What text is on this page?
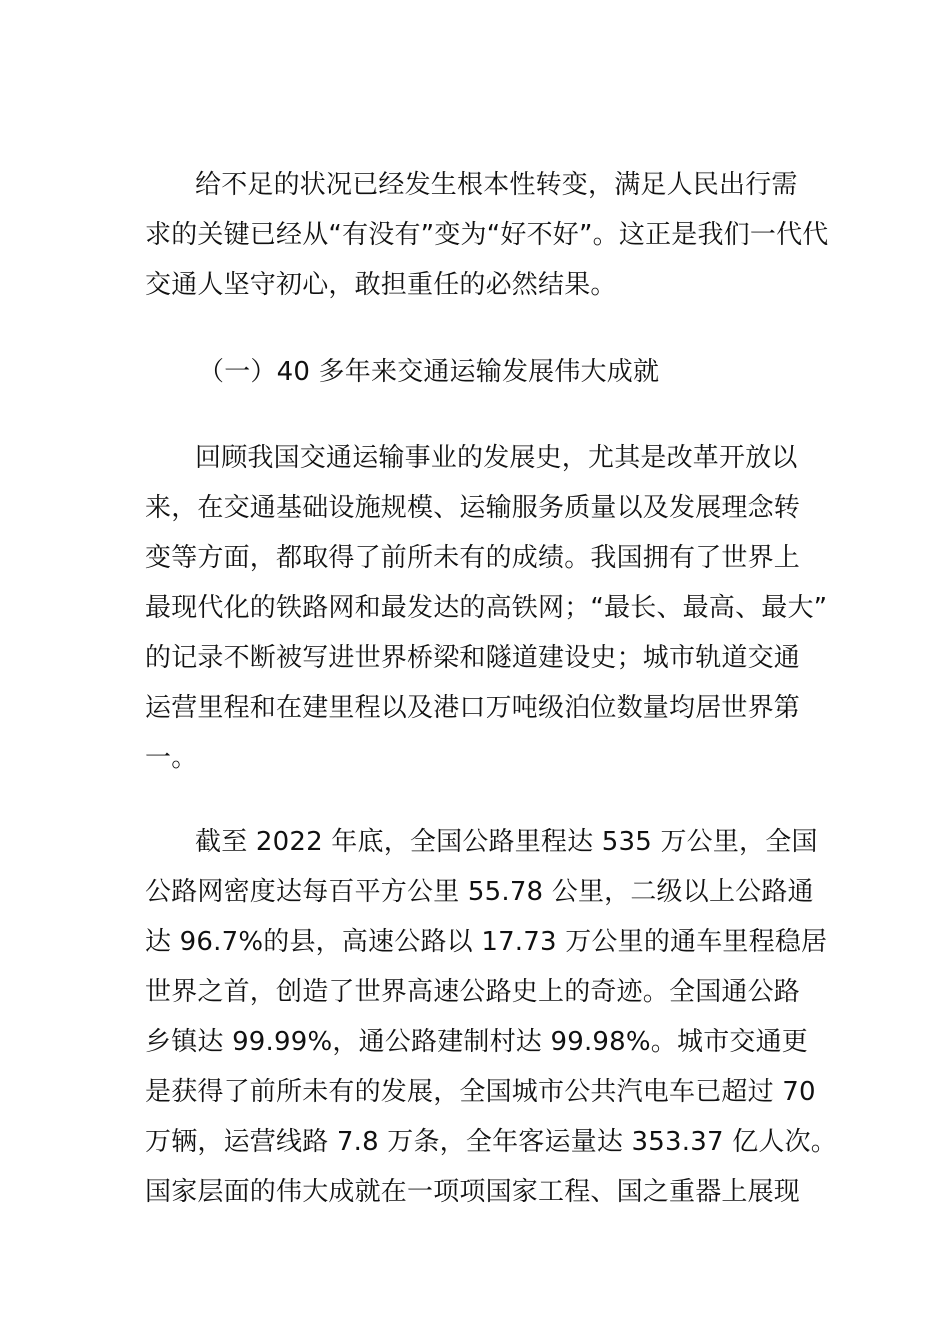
给不足的状况已经发生根本性转变，满足人民出行需
求的关键已经从“有没有”变为“好不好”。这正是我们一代代
交通人坚守初心，敢担重任的必然结果。
（一）40 多年来交通运输发展伟大成就
回顾我国交通运输事业的发展史，尤其是改革开放以
来，在交通基础设施规模、运输服务质量以及发展理念转
变等方面，都取得了前所未有的成绩。我国拥有了世界上
最现代化的铁路网和最发达的高铁网；“最长、最高、最大”
的记录不断被写进世界桥梁和隧道建设史；城市轨道交通
运营里程和在建里程以及港口万吨级泊位数量均居世界第
一。
截至 2022 年底，全国公路里程达 535 万公里，全国
公路网密度达每百平方公里 55.78 公里，二级以上公路通
达 96.7%的县，高速公路以 17.73 万公里的通车里程稳居
世界之首，创造了世界高速公路史上的奇迹。全国通公路
乡镇达 99.99%，通公路建制村达 99.98%。城市交通更
是获得了前所未有的发展，全国城市公共汽电车已超过 70
万辆，运营线路 7.8 万条，全年客运量达 353.37 亿人次。
国家层面的伟大成就在一项项国家工程、国之重器上展现
